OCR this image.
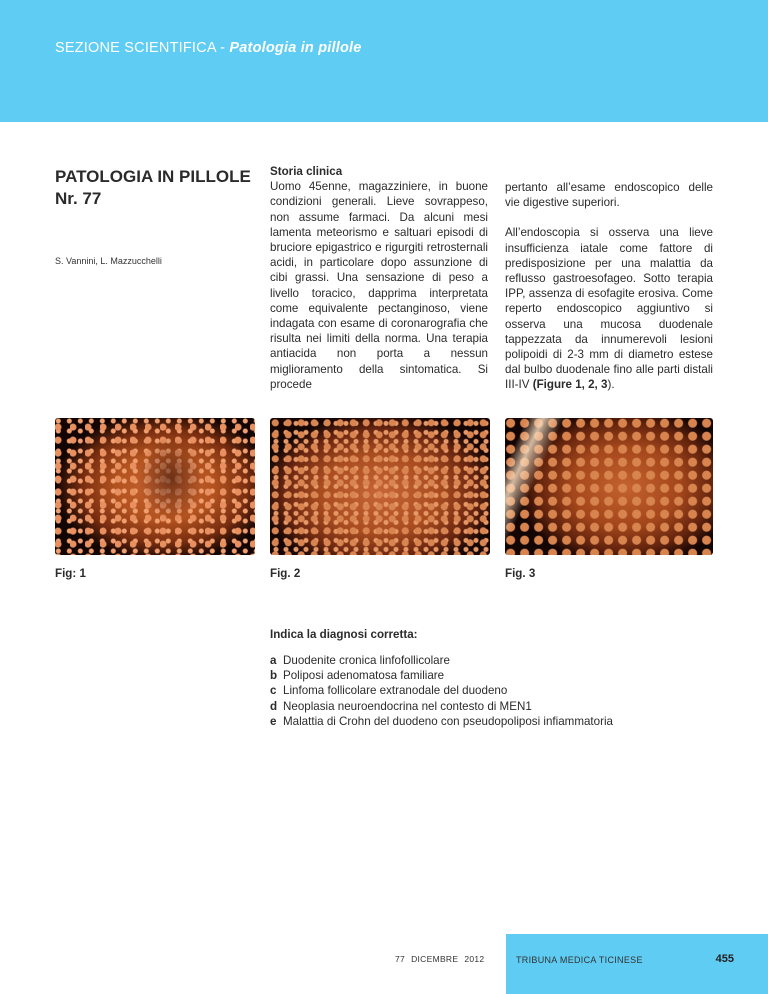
SEZIONE SCIENTIFICA - Patologia in pillole
PATOLOGIA IN PILLOLE
Nr. 77
S. Vannini, L. Mazzucchelli
Storia clinica

Uomo 45enne, magazziniere, in buone condizioni generali. Lieve sovrappeso, non assume farmaci. Da alcuni mesi lamenta meteorismo e saltuari episodi di bruciore epigastrico e rigurgiti retrosternali acidi, in particolare dopo assunzione di cibi grassi. Una sensazione di peso a livello toracico, dapprima interpretata come equivalente pectanginoso, viene indagata con esame di coronarografia che risulta nei limiti della norma. Una terapia antiacida non porta a nessun miglioramento della sintomatica. Si procede

pertanto all’esame endoscopico delle vie digestive superiori.

All’endoscopia si osserva una lieve insufficienza iatale come fattore di predisposizione per una malattia da reflusso gastroesofageo. Sotto terapia IPP, assenza di esofagite erosiva. Come reperto endoscopico aggiuntivo si osserva una mucosa duodenale tappezzata da innumerevoli lesioni polipoidi di 2-3 mm di diametro estese dal bulbo duodenale fino alle parti distali III-IV (Figure 1, 2, 3).

Fig: 1	Fig. 2	Fig. 3
Indica la diagnosi corretta:
a Duodenite cronica linfofollicolare
b Poliposi adenomatosa familiare
c Linfoma follicolare extranodale del duodeno
d Neoplasia neuroendocrina nel contesto di MEN1
e Malattia di Crohn del duodeno con pseudopoliposi infiammatoria
77 DICEMBRE 2012	TRIBUNA MEDICA TICINESE	455
